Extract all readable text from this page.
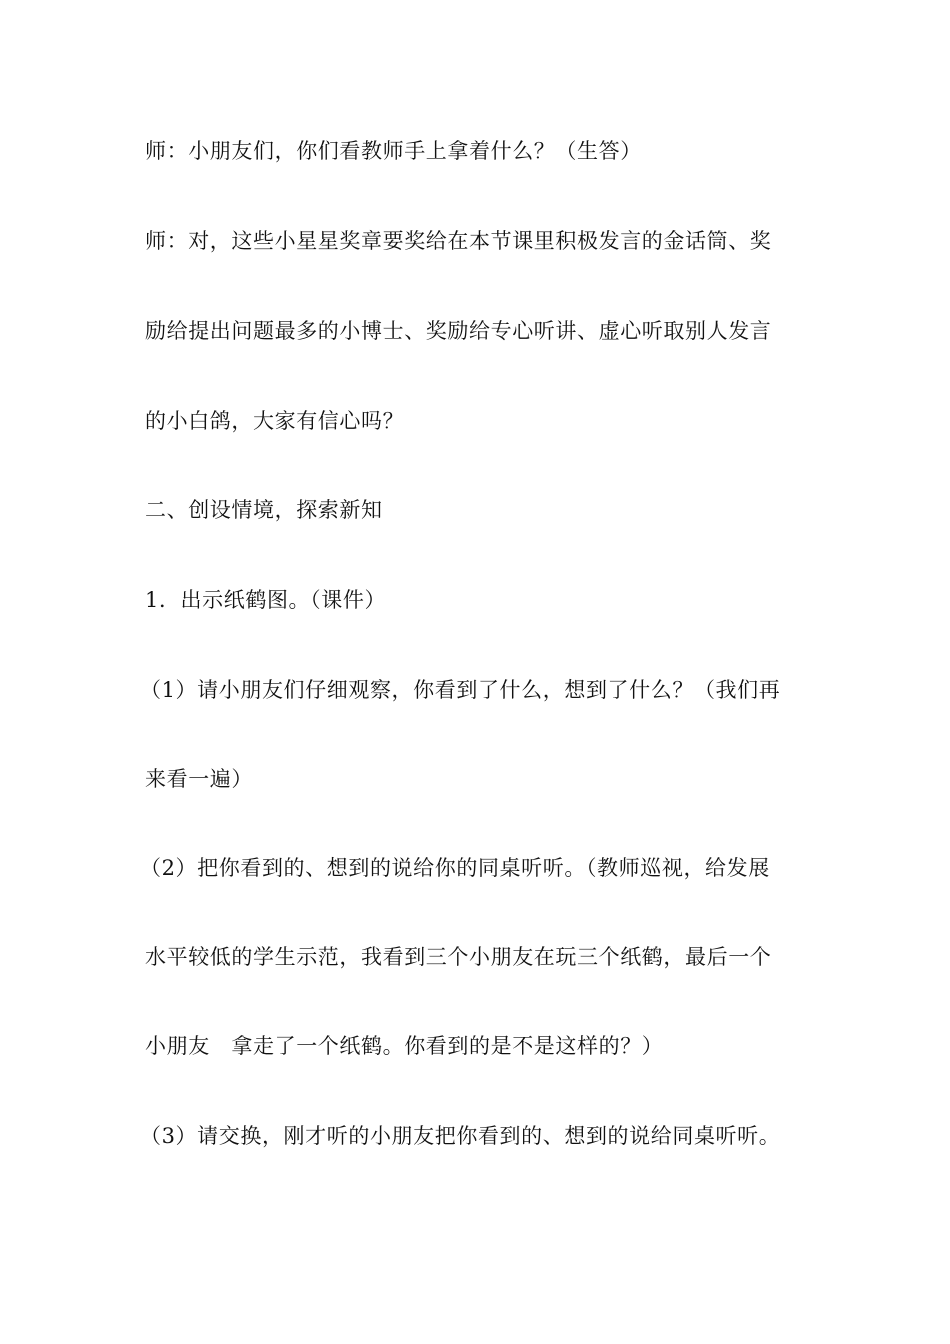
师：小朋友们，你们看教师手上拿着什么？（生答）

师：对，这些小星星奖章要奖给在本节课里积极发言的金话筒、奖

励给提出问题最多的小博士、奖励给专心听讲、虚心听取别人发言

的小白鸽，大家有信心吗？

二、创设情境，探索新知

1．出示纸鹤图。（课件）

（1）请小朋友们仔细观察，你看到了什么，想到了什么？（我们再

来看一遍）

（2）把你看到的、想到的说给你的同桌听听。（教师巡视，给发展

水平较低的学生示范，我看到三个小朋友在玩三个纸鹤，最后一个

小朋友　拿走了一个纸鹤。你看到的是不是这样的？）

（3）请交换，刚才听的小朋友把你看到的、想到的说给同桌听听。
